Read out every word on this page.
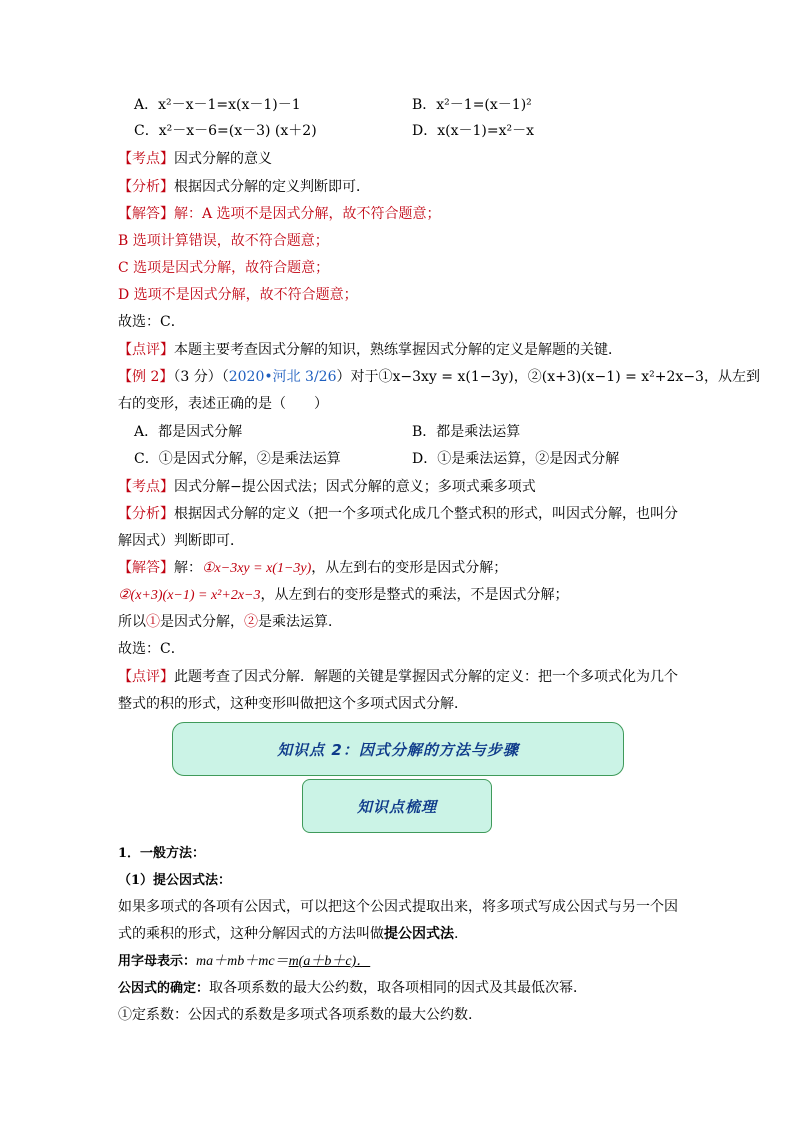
A．x²－x－1=x(x－1)－1	B．x²－1=(x－1)²
C．x²－x－6=(x－3) (x＋2)	D．x(x－1)=x²－x
【考点】因式分解的意义
【分析】根据因式分解的定义判断即可．
【解答】解：A 选项不是因式分解，故不符合题意；
B 选项计算错误，故不符合题意；
C 选项是因式分解，故符合题意；
D 选项不是因式分解，故不符合题意；
故选：C．
【点评】本题主要考查因式分解的知识，熟练掌握因式分解的定义是解题的关键．
【例 2】（3 分）（2020•河北 3/26）对于①x−3xy = x(1−3y)，②(x+3)(x−1) = x²+2x−3，从左到
右的变形，表述正确的是（　　）
A．都是因式分解	B．都是乘法运算
C．①是因式分解，②是乘法运算	D．①是乘法运算，②是因式分解
【考点】因式分解−提公因式法；因式分解的意义；多项式乘多项式
【分析】根据因式分解的定义（把一个多项式化成几个整式积的形式，叫因式分解，也叫分
解因式）判断即可．
【解答】解：①x−3xy = x(1−3y)，从左到右的变形是因式分解；
②(x+3)(x−1) = x²+2x−3，从左到右的变形是整式的乘法，不是因式分解；
所以①是因式分解，②是乘法运算．
故选：C．
【点评】此题考查了因式分解．解题的关键是掌握因式分解的定义：把一个多项式化为几个
整式的积的形式，这种变形叫做把这个多项式因式分解．
知识点 2：因式分解的方法与步骤
知识点梳理
1．一般方法：
（1）提公因式法：
如果多项式的各项有公因式，可以把这个公因式提取出来，将多项式写成公因式与另一个因
式的乘积的形式，这种分解因式的方法叫做提公因式法.
用字母表示：ma＋mb＋mc＝m(a＋b＋c)．
公因式的确定：取各项系数的最大公约数，取各项相同的因式及其最低次幂．
①定系数：公因式的系数是多项式各项系数的最大公约数.
